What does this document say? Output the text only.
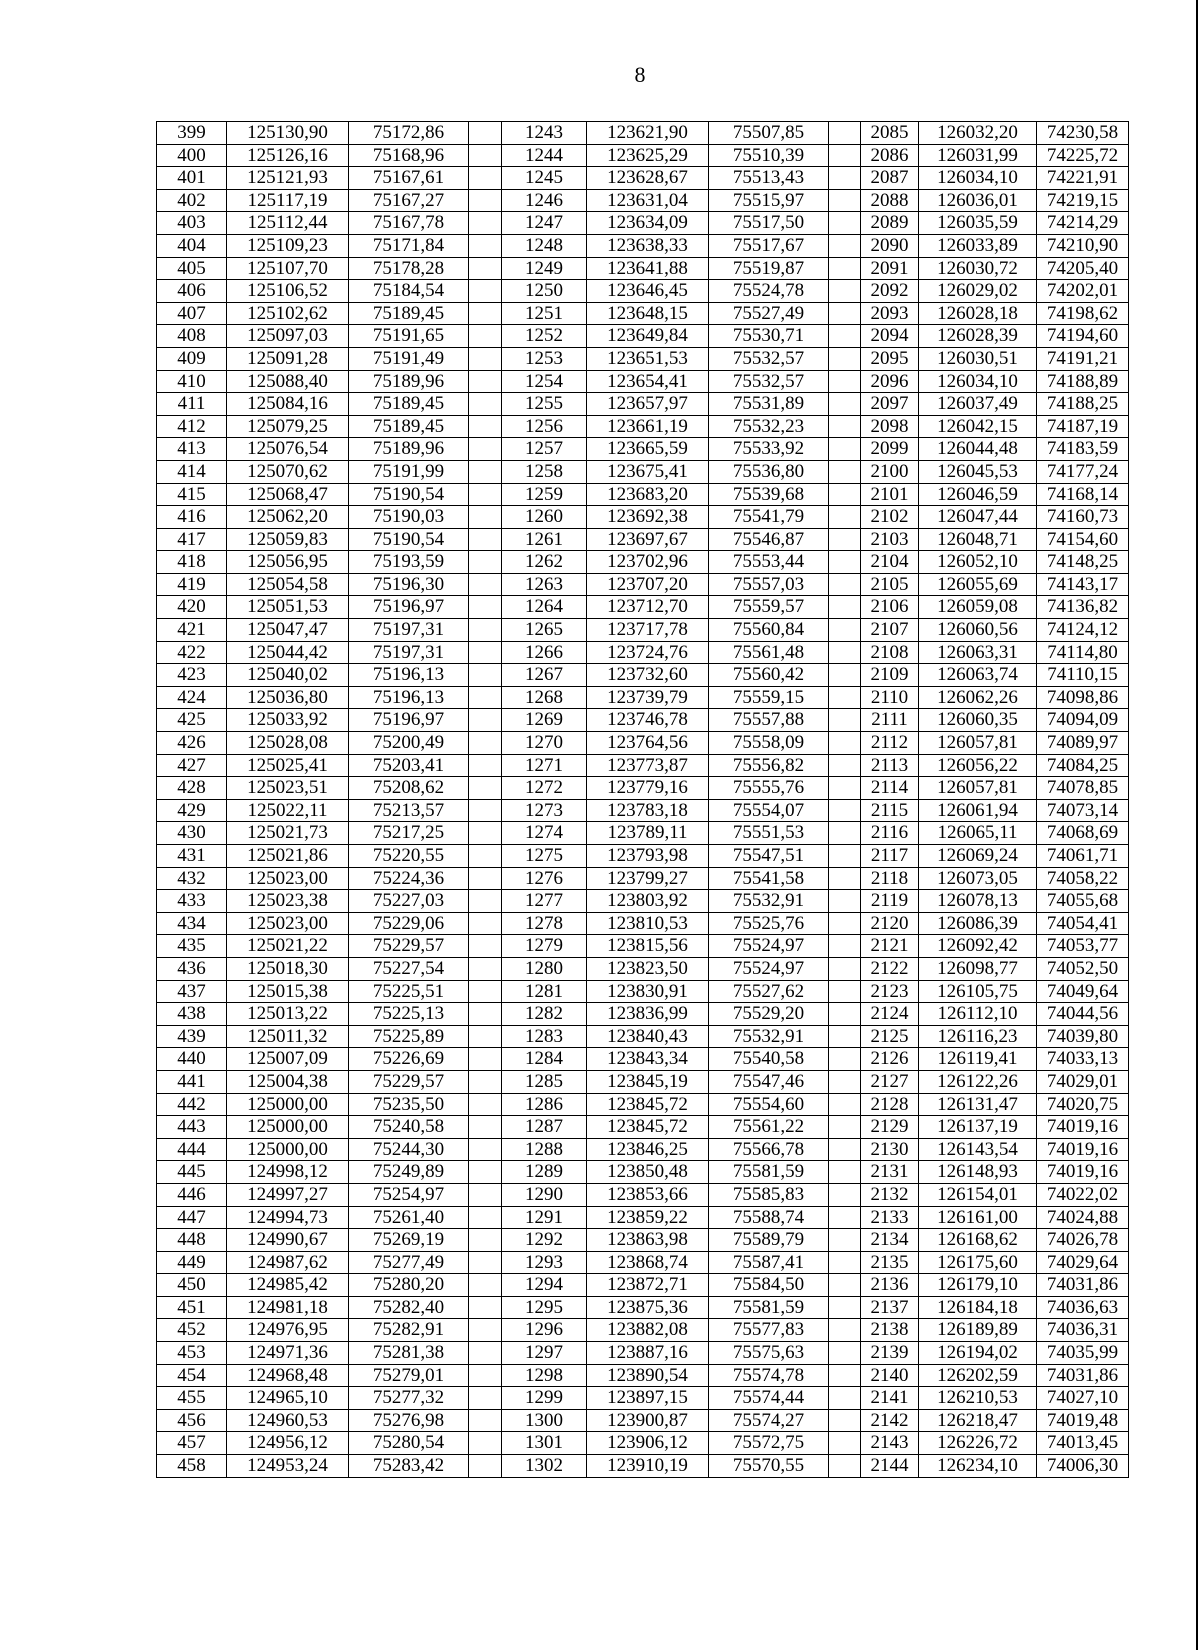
8
399	125130,90	75172,86		1243	123621,90	75507,85		2085	126032,20	74230,58
400	125126,16	75168,96		1244	123625,29	75510,39		2086	126031,99	74225,72
401	125121,93	75167,61		1245	123628,67	75513,43		2087	126034,10	74221,91
402	125117,19	75167,27		1246	123631,04	75515,97		2088	126036,01	74219,15
403	125112,44	75167,78		1247	123634,09	75517,50		2089	126035,59	74214,29
404	125109,23	75171,84		1248	123638,33	75517,67		2090	126033,89	74210,90
405	125107,70	75178,28		1249	123641,88	75519,87		2091	126030,72	74205,40
406	125106,52	75184,54		1250	123646,45	75524,78		2092	126029,02	74202,01
407	125102,62	75189,45		1251	123648,15	75527,49		2093	126028,18	74198,62
408	125097,03	75191,65		1252	123649,84	75530,71		2094	126028,39	74194,60
409	125091,28	75191,49		1253	123651,53	75532,57		2095	126030,51	74191,21
410	125088,40	75189,96		1254	123654,41	75532,57		2096	126034,10	74188,89
411	125084,16	75189,45		1255	123657,97	75531,89		2097	126037,49	74188,25
412	125079,25	75189,45		1256	123661,19	75532,23		2098	126042,15	74187,19
413	125076,54	75189,96		1257	123665,59	75533,92		2099	126044,48	74183,59
414	125070,62	75191,99		1258	123675,41	75536,80		2100	126045,53	74177,24
415	125068,47	75190,54		1259	123683,20	75539,68		2101	126046,59	74168,14
416	125062,20	75190,03		1260	123692,38	75541,79		2102	126047,44	74160,73
417	125059,83	75190,54		1261	123697,67	75546,87		2103	126048,71	74154,60
418	125056,95	75193,59		1262	123702,96	75553,44		2104	126052,10	74148,25
419	125054,58	75196,30		1263	123707,20	75557,03		2105	126055,69	74143,17
420	125051,53	75196,97		1264	123712,70	75559,57		2106	126059,08	74136,82
421	125047,47	75197,31		1265	123717,78	75560,84		2107	126060,56	74124,12
422	125044,42	75197,31		1266	123724,76	75561,48		2108	126063,31	74114,80
423	125040,02	75196,13		1267	123732,60	75560,42		2109	126063,74	74110,15
424	125036,80	75196,13		1268	123739,79	75559,15		2110	126062,26	74098,86
425	125033,92	75196,97		1269	123746,78	75557,88		2111	126060,35	74094,09
426	125028,08	75200,49		1270	123764,56	75558,09		2112	126057,81	74089,97
427	125025,41	75203,41		1271	123773,87	75556,82		2113	126056,22	74084,25
428	125023,51	75208,62		1272	123779,16	75555,76		2114	126057,81	74078,85
429	125022,11	75213,57		1273	123783,18	75554,07		2115	126061,94	74073,14
430	125021,73	75217,25		1274	123789,11	75551,53		2116	126065,11	74068,69
431	125021,86	75220,55		1275	123793,98	75547,51		2117	126069,24	74061,71
432	125023,00	75224,36		1276	123799,27	75541,58		2118	126073,05	74058,22
433	125023,38	75227,03		1277	123803,92	75532,91		2119	126078,13	74055,68
434	125023,00	75229,06		1278	123810,53	75525,76		2120	126086,39	74054,41
435	125021,22	75229,57		1279	123815,56	75524,97		2121	126092,42	74053,77
436	125018,30	75227,54		1280	123823,50	75524,97		2122	126098,77	74052,50
437	125015,38	75225,51		1281	123830,91	75527,62		2123	126105,75	74049,64
438	125013,22	75225,13		1282	123836,99	75529,20		2124	126112,10	74044,56
439	125011,32	75225,89		1283	123840,43	75532,91		2125	126116,23	74039,80
440	125007,09	75226,69		1284	123843,34	75540,58		2126	126119,41	74033,13
441	125004,38	75229,57		1285	123845,19	75547,46		2127	126122,26	74029,01
442	125000,00	75235,50		1286	123845,72	75554,60		2128	126131,47	74020,75
443	125000,00	75240,58		1287	123845,72	75561,22		2129	126137,19	74019,16
444	125000,00	75244,30		1288	123846,25	75566,78		2130	126143,54	74019,16
445	124998,12	75249,89		1289	123850,48	75581,59		2131	126148,93	74019,16
446	124997,27	75254,97		1290	123853,66	75585,83		2132	126154,01	74022,02
447	124994,73	75261,40		1291	123859,22	75588,74		2133	126161,00	74024,88
448	124990,67	75269,19		1292	123863,98	75589,79		2134	126168,62	74026,78
449	124987,62	75277,49		1293	123868,74	75587,41		2135	126175,60	74029,64
450	124985,42	75280,20		1294	123872,71	75584,50		2136	126179,10	74031,86
451	124981,18	75282,40		1295	123875,36	75581,59		2137	126184,18	74036,63
452	124976,95	75282,91		1296	123882,08	75577,83		2138	126189,89	74036,31
453	124971,36	75281,38		1297	123887,16	75575,63		2139	126194,02	74035,99
454	124968,48	75279,01		1298	123890,54	75574,78		2140	126202,59	74031,86
455	124965,10	75277,32		1299	123897,15	75574,44		2141	126210,53	74027,10
456	124960,53	75276,98		1300	123900,87	75574,27		2142	126218,47	74019,48
457	124956,12	75280,54		1301	123906,12	75572,75		2143	126226,72	74013,45
458	124953,24	75283,42		1302	123910,19	75570,55		2144	126234,10	74006,30
